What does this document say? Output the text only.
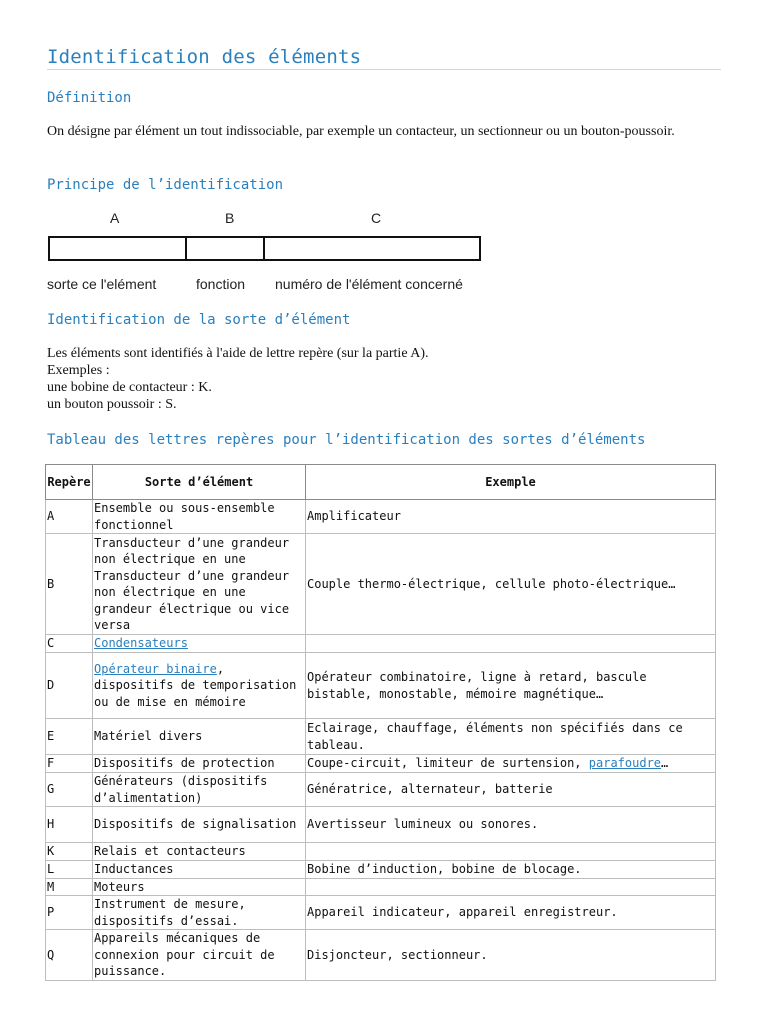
Identification des éléments
Définition
On désigne par élément un tout indissociable, par exemple un contacteur, un sectionneur ou un bouton-poussoir.
Principe de l’identification
A	B	C
sorte ce l'elément	fonction numéro de l'élément concerné
Identification de la sorte d’élément
Les éléments sont identifiés à l'aide de lettre repère (sur la partie A).
Exemples :
une bobine de contacteur : K.
un bouton poussoir : S.
Tableau des lettres repères pour l’identification des sortes d’éléments
Repère	Sorte d’élément	Exemple
A	Ensemble ou sous-ensemble fonctionnel	Amplificateur
B	Transducteur d’une grandeur non électrique en une Transducteur d’une grandeur non électrique en une grandeur électrique ou vice versa	Couple thermo-électrique, cellule photo-électrique…
C	Condensateurs	
D	Opérateur binaire, dispositifs de temporisation ou de mise en mémoire	Opérateur combinatoire, ligne à retard, bascule bistable, monostable, mémoire magnétique…
E	Matériel divers	Eclairage, chauffage, éléments non spécifiés dans ce tableau.
F	Dispositifs de protection	Coupe-circuit, limiteur de surtension, parafoudre…
G	Générateurs (dispositifs d’alimentation)	Génératrice, alternateur, batterie
H	Dispositifs de signalisation	Avertisseur lumineux ou sonores.
K	Relais et contacteurs	
L	Inductances	Bobine d’induction, bobine de blocage.
M	Moteurs	
P	Instrument de mesure, dispositifs d’essai.	Appareil indicateur, appareil enregistreur.
Q	Appareils mécaniques de connexion pour circuit de puissance.	Disjoncteur, sectionneur.
